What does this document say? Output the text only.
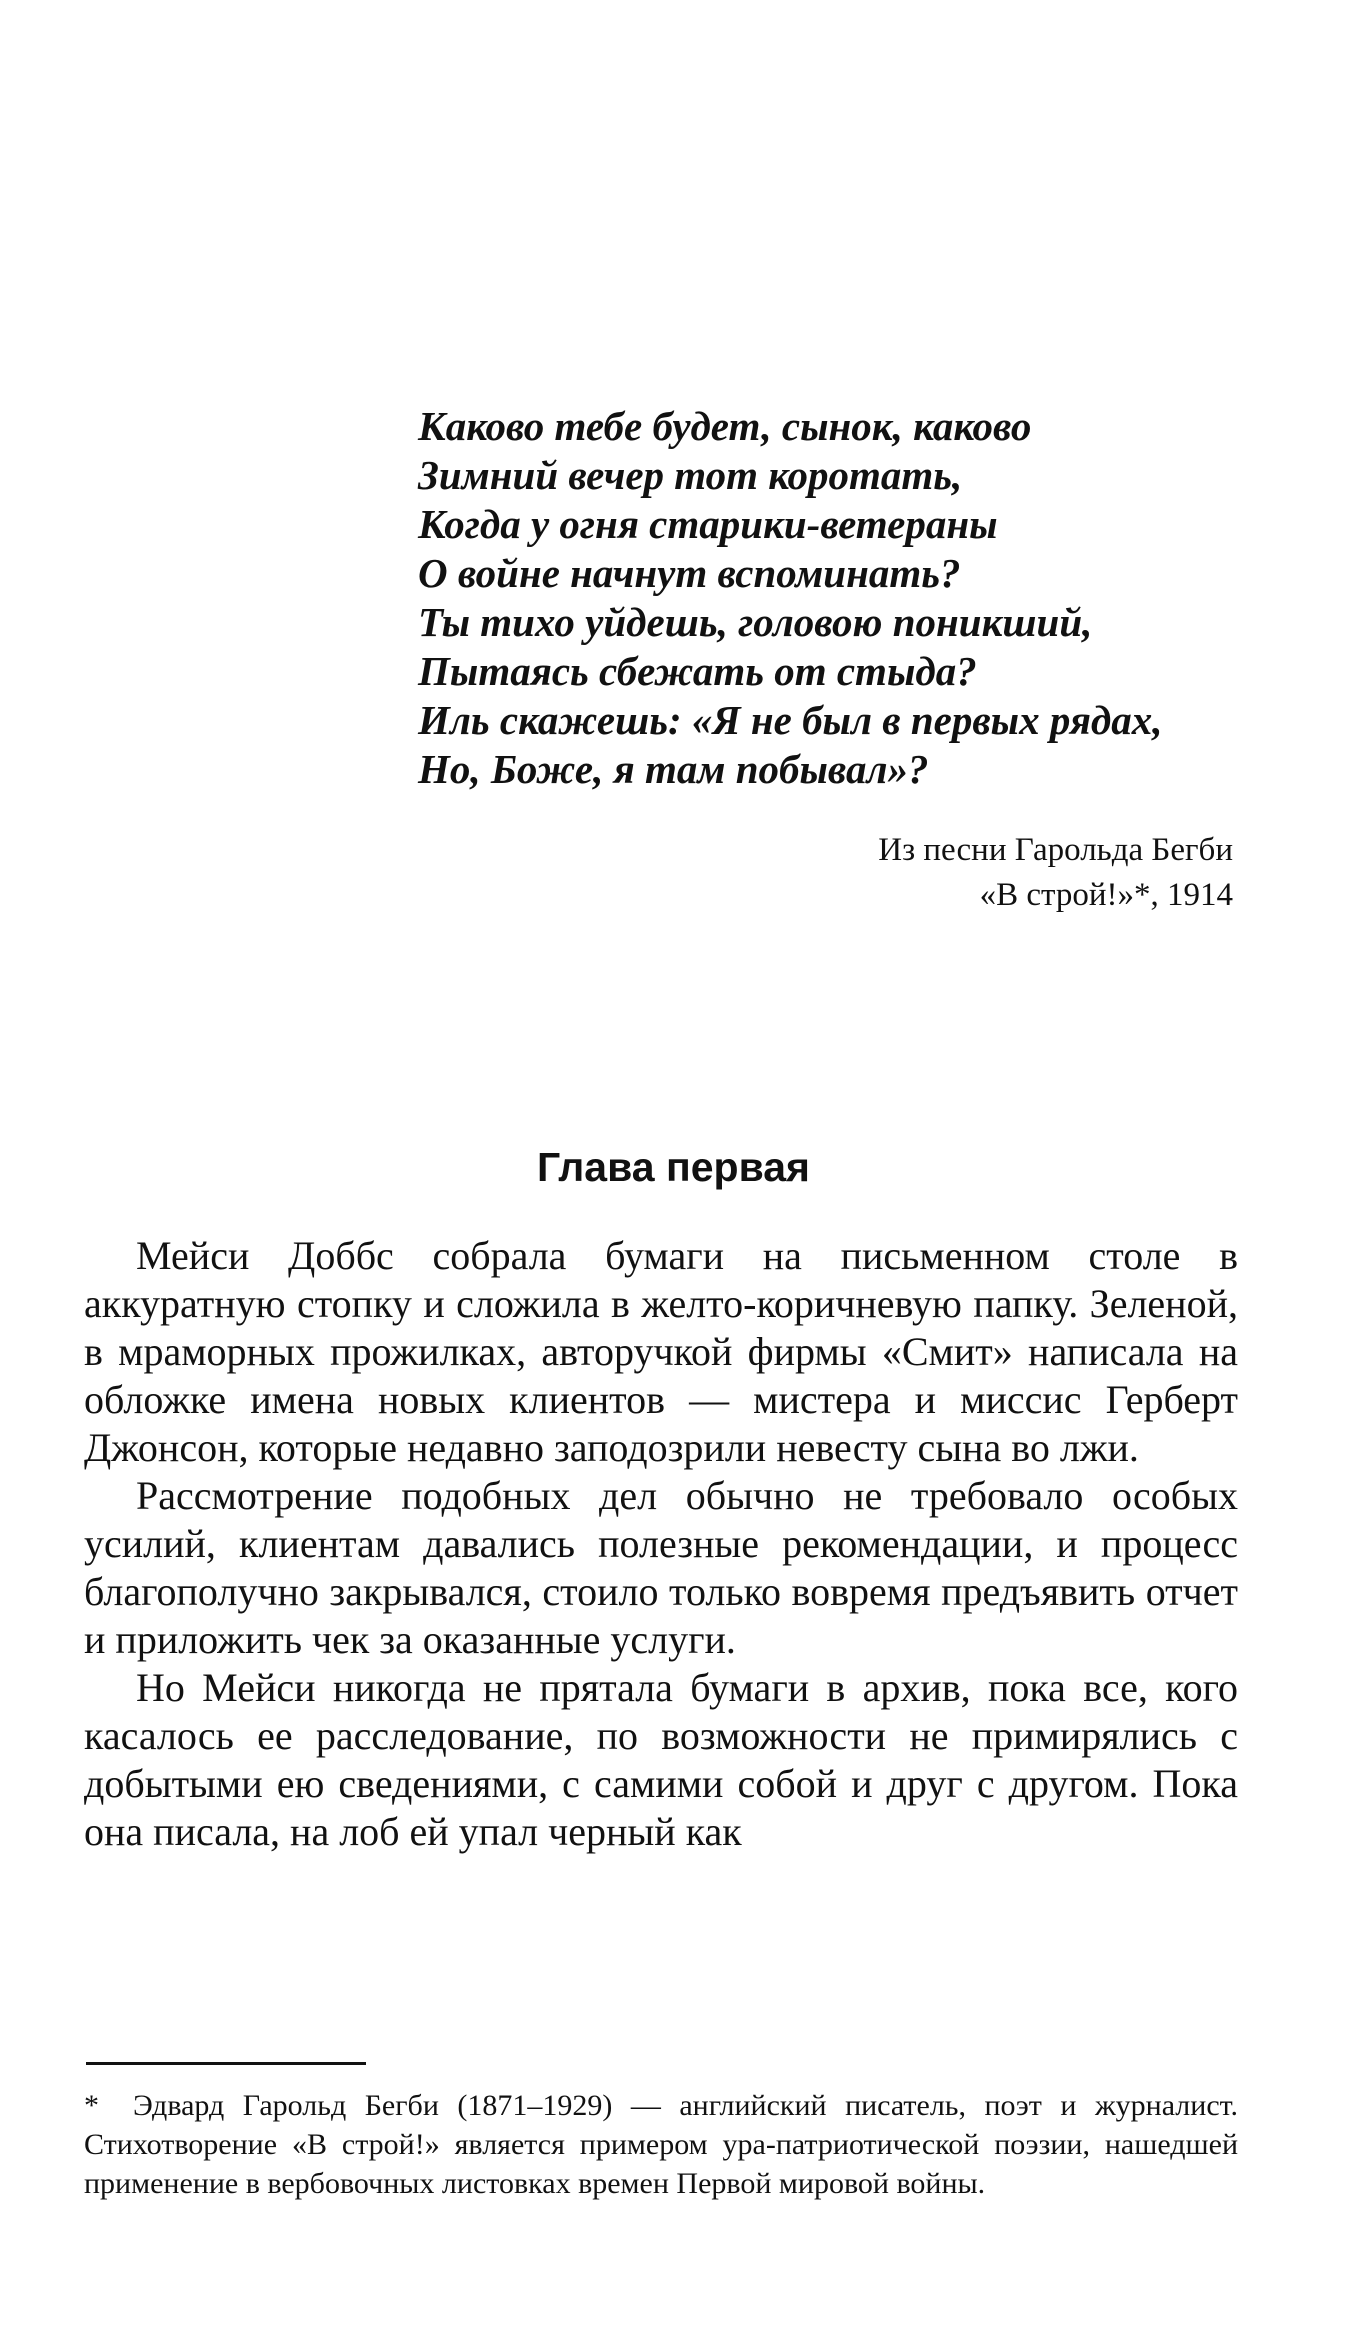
Каково тебе будет, сынок, каково
Зимний вечер тот коротать,
Когда у огня старики-ветераны
О войне начнут вспоминать?
Ты тихо уйдешь, головою поникший,
Пытаясь сбежать от стыда?
Иль скажешь: «Я не был в первых рядах,
Но, Боже, я там побывал»?
Из песни Гарольда Бегби
«В строй!»*, 1914
Глава первая

Мейси Доббс собрала бумаги на письменном столе в аккуратную стопку и сложила в желто-коричневую папку. Зеленой, в мраморных прожилках, авторучкой фирмы «Смит» написала на обложке имена новых клиентов — мистера и миссис Герберт Джонсон, которые недавно заподозрили невесту сына во лжи.

Рассмотрение подобных дел обычно не требовало особых усилий, клиентам давались полезные рекомендации, и процесс благополучно закрывался, стоило только вовремя предъявить отчет и приложить чек за оказанные услуги.

Но Мейси никогда не прятала бумаги в архив, пока все, кого касалось ее расследование, по возможности не примирялись с добытыми ею сведениями, с самими собой и друг с другом. Пока она писала, на лоб ей упал черный как

* Эдвард Гарольд Бегби (1871–1929) — английский писатель, поэт и журналист. Стихотворение «В строй!» является примером ура-патриотической поэзии, нашедшей применение в вербовочных листовках времен Первой мировой войны.
